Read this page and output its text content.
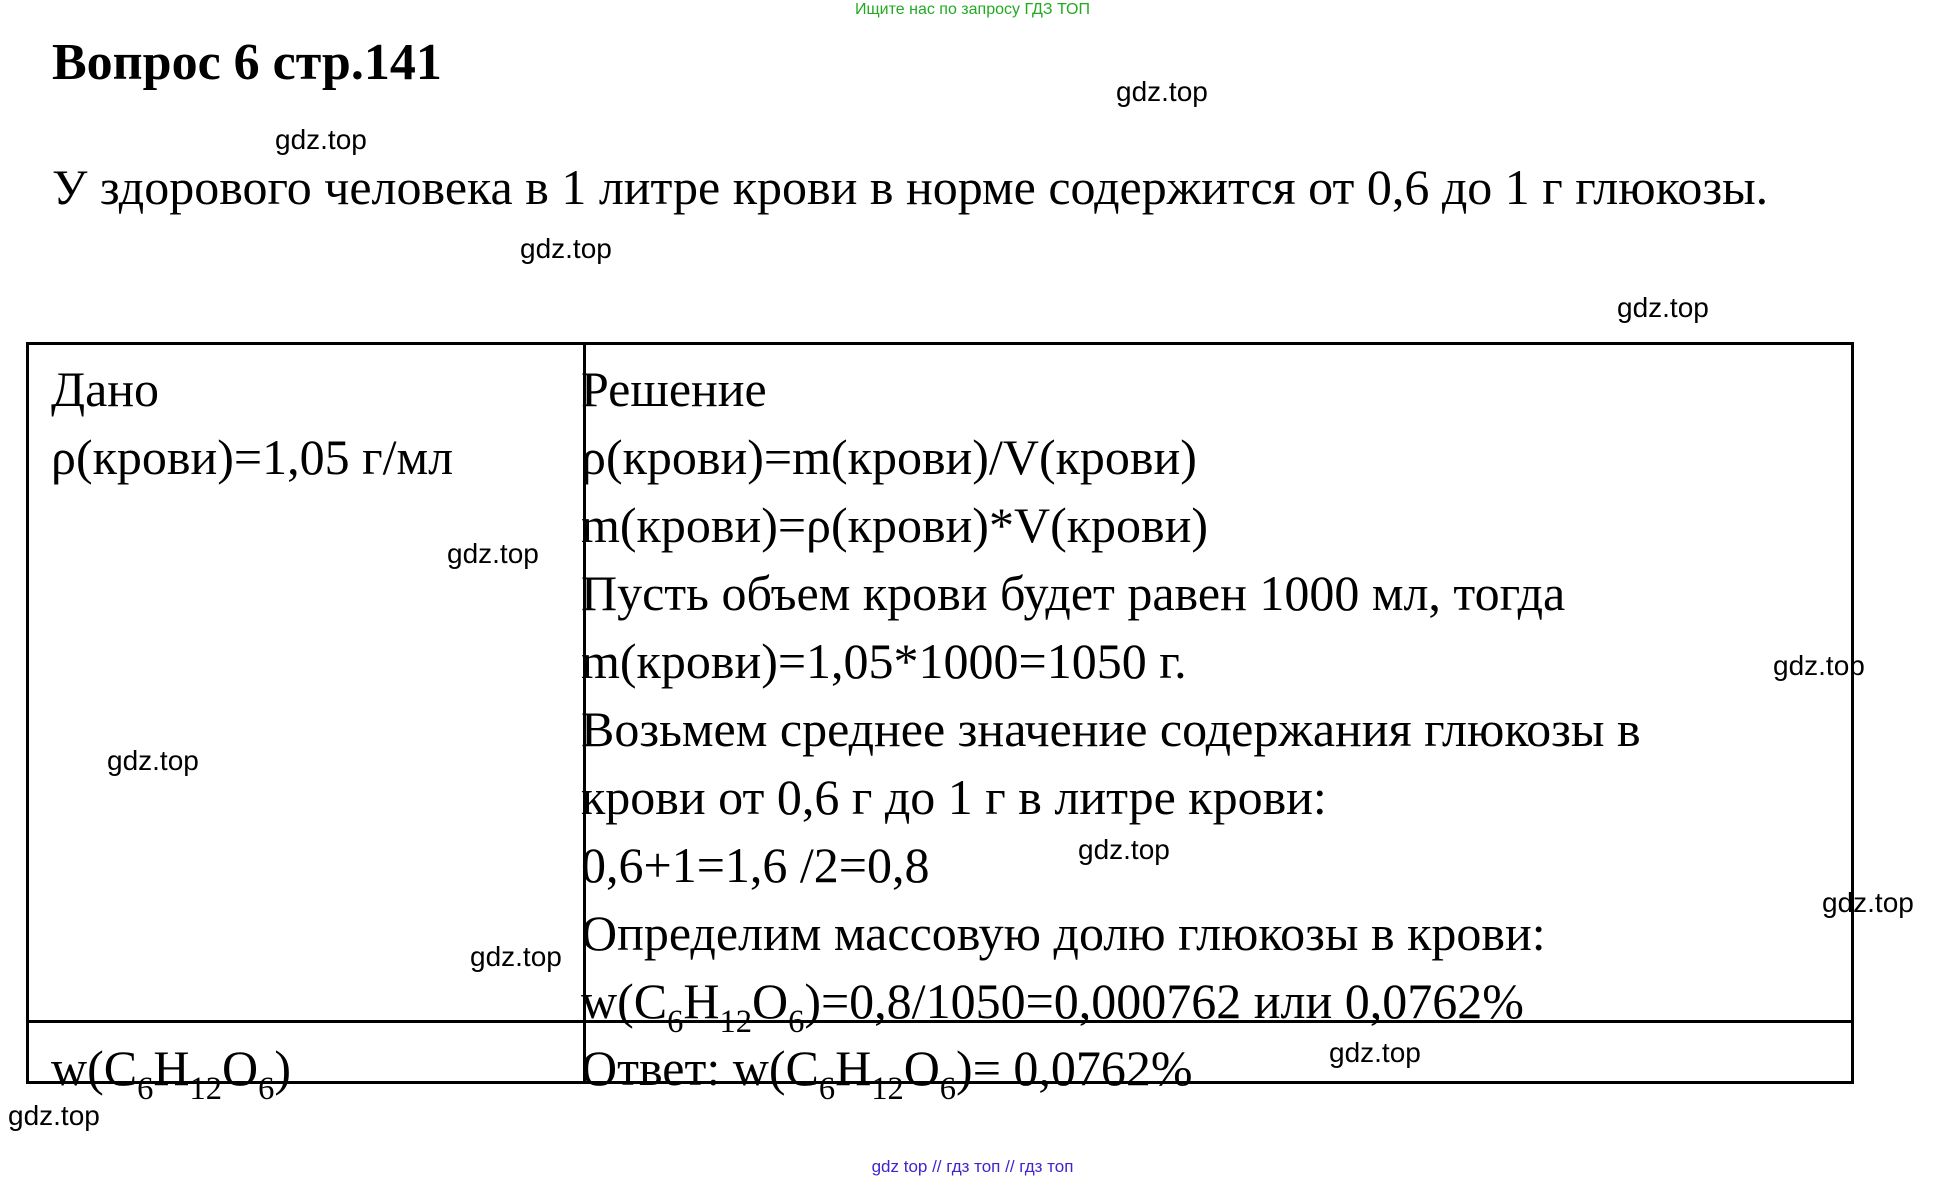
Ищите нас по запросу ГДЗ ТОП
Вопрос 6 стр.141

У здорового человека в 1 литре крови в норме содержится от 0,6 до 1 г глюкозы.

gdz.top
gdz.top
gdz.top
gdz.top
Дано
ρ(крови)=1,05 г/мл
Решение
ρ(крови)=m(крови)/V(крови)
m(крови)=ρ(крови)*V(крови)
Пусть объем крови будет равен 1000 мл, тогда
m(крови)=1,05*1000=1050 г.
Возьмем среднее значение содержания глюкозы в
крови от 0,6 г до 1 г в литре крови:
0,6+1=1,6 /2=0,8
Определим массовую долю глюкозы в крови:
$w(C_6H_{12}O_6)=0,8/1050=0,000762$ или 0,0762%
$w(C_6H_{12}O_6)$	Ответ: $w(C_6H_{12}O_6)= 0,0762\%$
gdz.top
gdz.top
gdz.top
gdz.top
gdz.top
gdz.top
gdz.top
gdz.top
gdz top // гдз топ // гдз топ
